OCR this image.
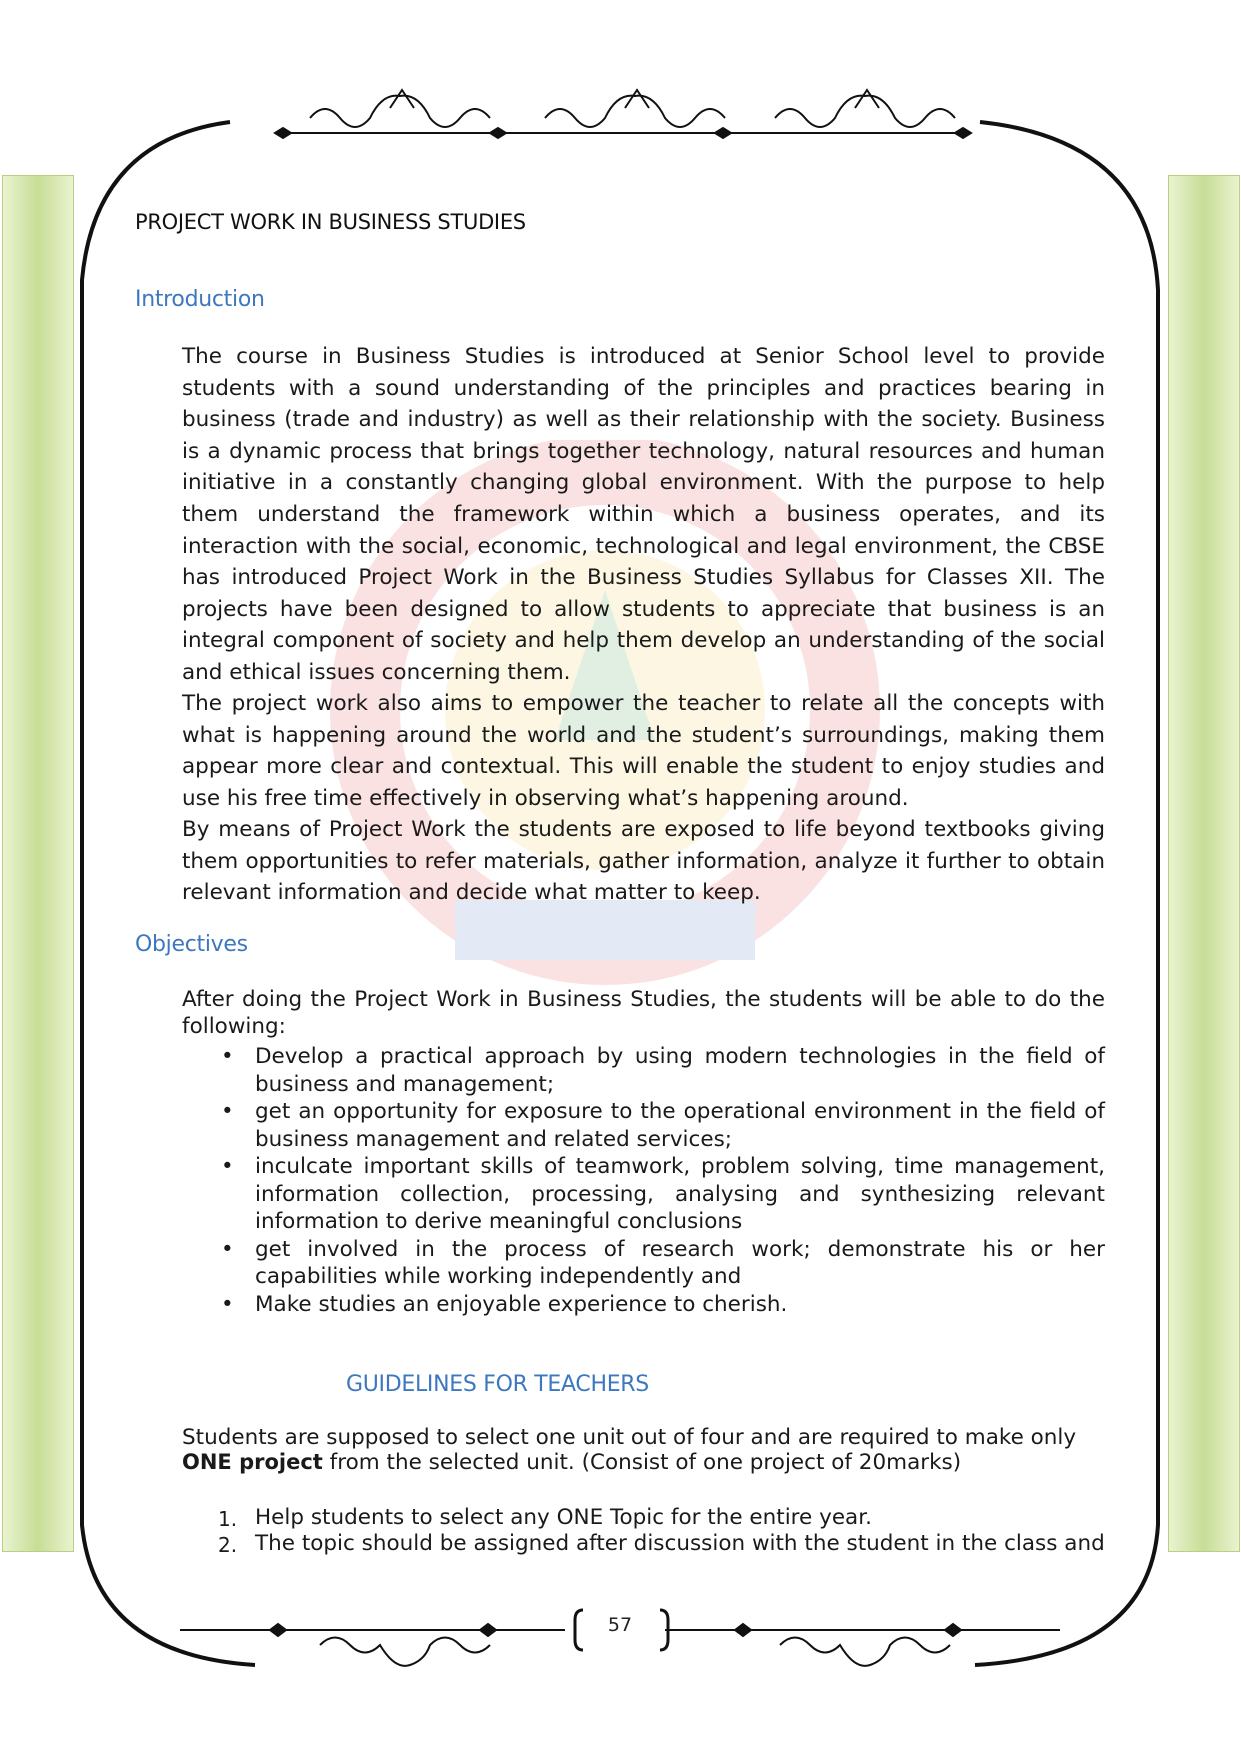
PROJECT WORK IN BUSINESS STUDIES
Introduction

The course in Business Studies is introduced at Senior School level to provide students with a sound understanding of the principles and practices bearing in business (trade and industry) as well as their relationship with the society. Business is a dynamic process that brings together technology, natural resources and human initiative in a constantly changing global environment. With the purpose to help them understand the framework within which a business operates, and its interaction with the social, economic, technological and legal environment, the CBSE has introduced Project Work in the Business Studies Syllabus for Classes XII. The projects have been designed to allow students to appreciate that business is an integral component of society and help them develop an understanding of the social and ethical issues concerning them.

The project work also aims to empower the teacher to relate all the concepts with what is happening around the world and the student’s surroundings, making them appear more clear and contextual. This will enable the student to enjoy studies and use his free time effectively in observing what’s happening around.

By means of Project Work the students are exposed to life beyond textbooks giving them opportunities to refer materials, gather information, analyze it further to obtain relevant information and decide what matter to keep.

Objectives

After doing the Project Work in Business Studies, the students will be able to do the following:

• Develop a practical approach by using modern technologies in the field of business and management;
• get an opportunity for exposure to the operational environment in the field of business management and related services;
• inculcate important skills of teamwork, problem solving, time management, information collection, processing, analysing and synthesizing relevant information to derive meaningful conclusions
• get involved in the process of research work; demonstrate his or her capabilities while working independently and
• Make studies an enjoyable experience to cherish.
GUIDELINES FOR TEACHERS

Students are supposed to select one unit out of four and are required to make only ONE project from the selected unit. (Consist of one project of 20marks)

1. Help students to select any ONE Topic for the entire year.
2. The topic should be assigned after discussion with the student in the class and
57
